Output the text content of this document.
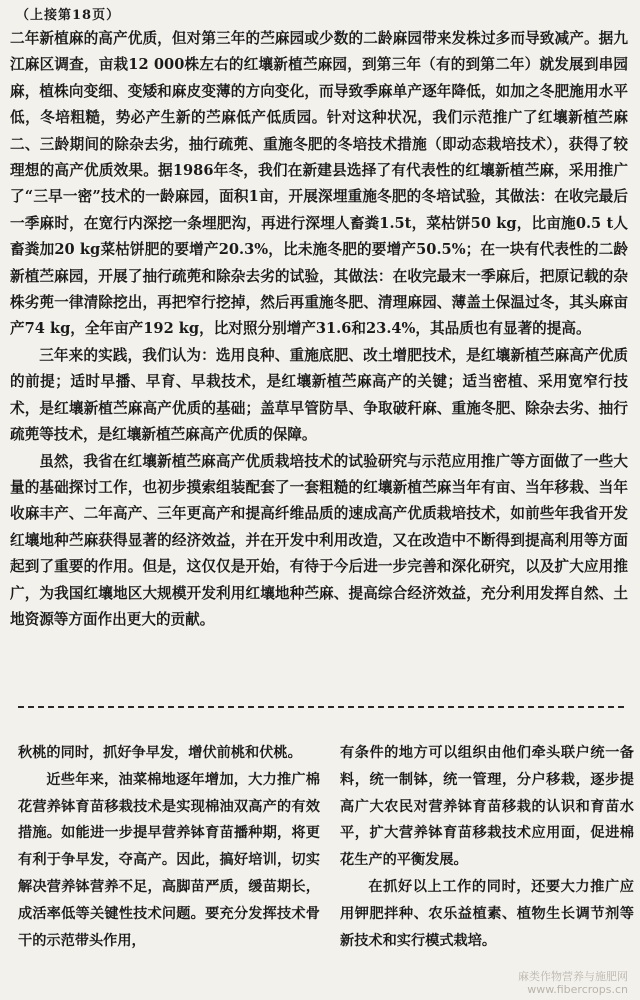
（上接第18页）

二年新植麻的高产优质，但对第三年的苎麻园或少数的二龄麻园带来发株过多而导致减产。据九江麻区调查，亩栽12 000株左右的红壤新植苎麻园，到第三年（有的到第二年）就发展到串园麻，植株向变细、变矮和麻皮变薄的方向变化，而导致季麻单产逐年降低，如加之冬肥施用水平低，冬培粗糙，势必产生新的苎麻低产低质园。针对这种状况，我们示范推广了红壤新植苎麻二、三龄期间的除杂去劣，抽行疏蔸、重施冬肥的冬培技术措施（即动态栽培技术），获得了较理想的高产优质效果。据1986年冬，我们在新建县选择了有代表性的红壤新植苎麻，采用推广了“三早一密”技术的一龄麻园，面积1亩，开展深埋重施冬肥的冬培试验，其做法：在收完最后一季麻时，在宽行内深挖一条埋肥沟，再进行深埋人畜粪1.5t，菜枯饼50 kg，比亩施0.5 t人畜粪加20 kg菜枯饼肥的要增产20.3%，比未施冬肥的要增产50.5%；在一块有代表性的二龄新植苎麻园，开展了抽行疏蔸和除杂去劣的试验，其做法：在收完最末一季麻后，把原记载的杂株劣蔸一律清除挖出，再把窄行挖掉，然后再重施冬肥、清理麻园、薄盖土保温过冬，其头麻亩产74 kg，全年亩产192 kg，比对照分别增产31.6和23.4%，其品质也有显著的提高。

三年来的实践，我们认为：选用良种、重施底肥、改土增肥技术，是红壤新植苎麻高产优质的前提；适时早播、早育、早栽技术，是红壤新植苎麻高产的关键；适当密植、采用宽窄行技术，是红壤新植苎麻高产优质的基础；盖草早管防旱、争取破秆麻、重施冬肥、除杂去劣、抽行疏蔸等技术，是红壤新植苎麻高产优质的保障。

虽然，我省在红壤新植苎麻高产优质栽培技术的试验研究与示范应用推广等方面做了一些大量的基础探讨工作，也初步摸索组装配套了一套粗糙的红壤新植苎麻当年有亩、当年移栽、当年收麻丰产、二年高产、三年更高产和提高纤维品质的速成高产优质栽培技术，如前些年我省开发红壤地种苎麻获得显著的经济效益，并在开发中利用改造，又在改造中不断得到提高利用等方面起到了重要的作用。但是，这仅仅是开始，有待于今后进一步完善和深化研究，以及扩大应用推广，为我国红壤地区大规模开发利用红壤地种苎麻、提高综合经济效益，充分利用发挥自然、土地资源等方面作出更大的贡献。

秋桃的同时，抓好争早发，增伏前桃和伏桃。

近些年来，油菜棉地逐年增加，大力推广棉花营养钵育苗移栽技术是实现棉油双高产的有效措施。如能进一步提早营养钵育苗播种期，将更有利于争早发，夺高产。因此，搞好培训，切实解决营养钵营养不足，高脚苗严质，缓苗期长，成活率低等关键性技术问题。要充分发挥技术骨干的示范带头作用，

有条件的地方可以组织由他们牵头联户统一备料，统一制钵，统一管理，分户移栽，逐步提高广大农民对营养钵育苗移栽的认识和育苗水平，扩大营养钵育苗移栽技术应用面，促进棉花生产的平衡发展。

在抓好以上工作的同时，还要大力推广应用钾肥拌种、农乐益植素、植物生长调节剂等新技术和实行模式栽培。

麻类作物营养与施肥网
www.fibercrops.cn
